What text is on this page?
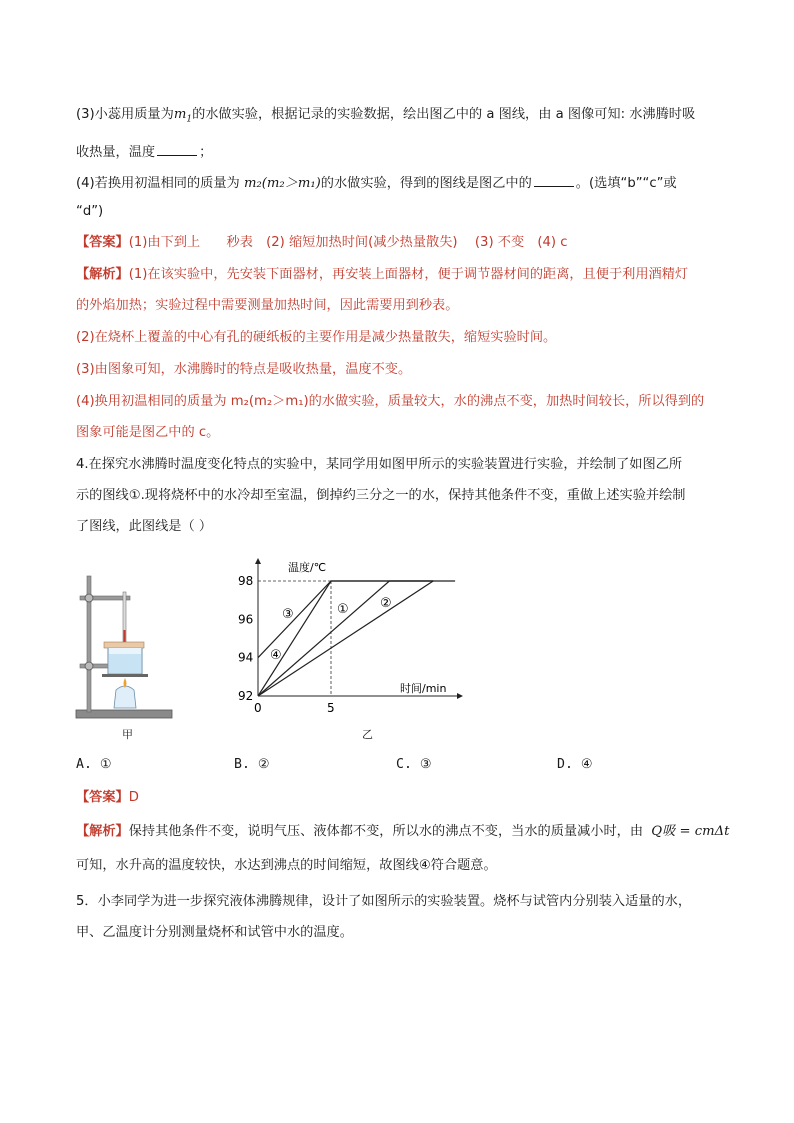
(3)小蕊用质量为$m_1$的水做实验，根据记录的实验数据，绘出图乙中的 a 图线，由 a 图像可知: 水沸腾时吸
收热量，温度	；
(4)若换用初温相同的质量为 m₂(m₂＞m₁)的水做实验，得到的图线是图乙中的	。(选填“b”“c”或
“d”)
【答案】(1)由下到上　　秒表　(2) 缩短加热时间(减少热量散失)　 (3) 不变　(4) c
【解析】(1)在该实验中，先安装下面器材，再安装上面器材，便于调节器材间的距离，且便于利用酒精灯
的外焰加热；实验过程中需要测量加热时间，因此需要用到秒表。
(2)在烧杯上覆盖的中心有孔的硬纸板的主要作用是减少热量散失，缩短实验时间。
(3)由图象可知，水沸腾时的特点是吸收热量，温度不变。
(4)换用初温相同的质量为 m₂(m₂＞m₁)的水做实验，质量较大，水的沸点不变，加热时间较长，所以得到的
图象可能是图乙中的 c。
4.在探究水沸腾时温度变化特点的实验中，某同学用如图甲所示的实验装置进行实验，并绘制了如图乙所
示的图线①.现将烧杯中的水冷却至室温，倒掉约三分之一的水，保持其他条件不变，重做上述实验并绘制
了图线，此图线是（ ）
甲
温度/℃
时间/min
92
94
96
98
0	5
① ②
③
④
乙
A. ①	B. ②	C. ③	D. ④
【答案】D
【解析】保持其他条件不变，说明气压、液体都不变，所以水的沸点不变，当水的质量减小时，由 Q吸 = cmΔt
可知，水升高的温度较快，水达到沸点的时间缩短，故图线④符合题意。
5．小李同学为进一步探究液体沸腾规律，设计了如图所示的实验装置。烧杯与试管内分别装入适量的水，
甲、乙温度计分别测量烧杯和试管中水的温度。
